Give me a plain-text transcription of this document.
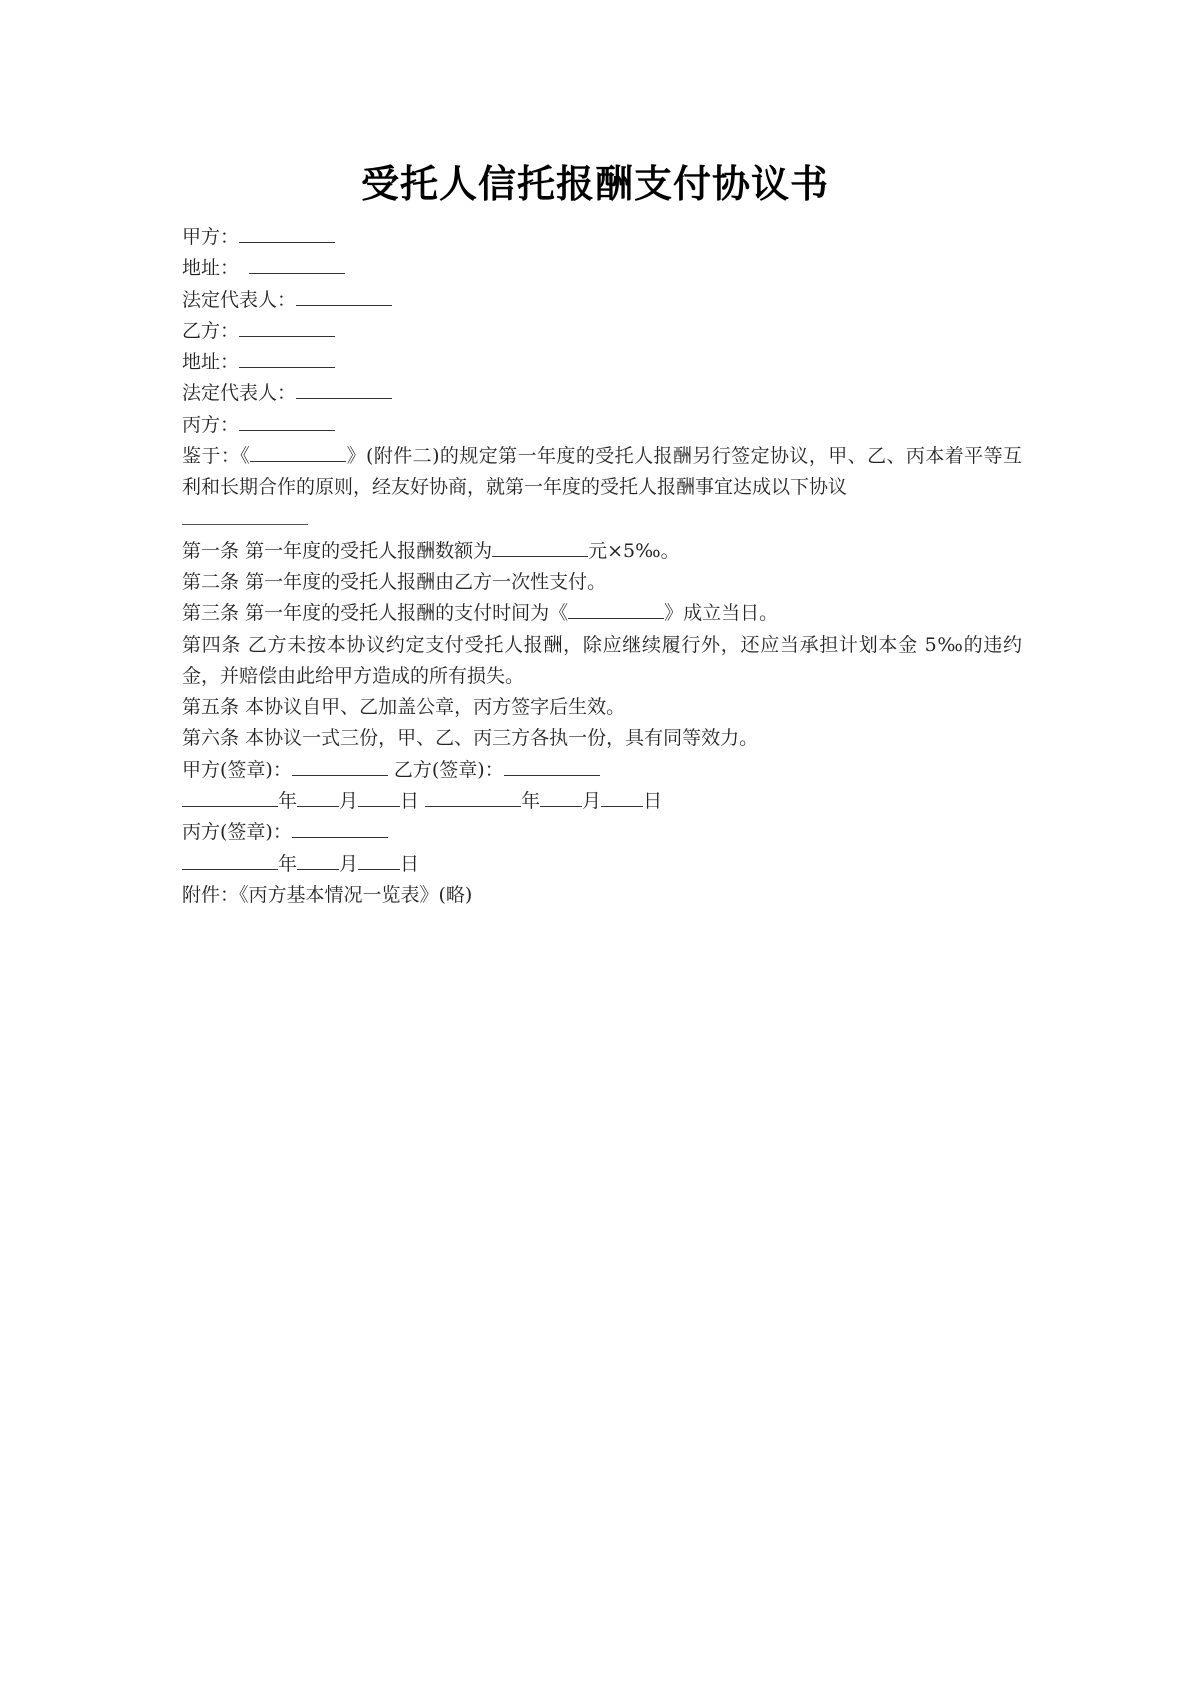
受托人信托报酬支付协议书
甲方：
地址：
法定代表人：
乙方：
地址：
法定代表人：
丙方：
鉴于：《	》(附件二)的规定第一年度的受托人报酬另行签定协议，甲、乙、丙本着平等互利和长期合作的原则，经友好协商，就第一年度的受托人报酬事宜达成以下协议
第一条 第一年度的受托人报酬数额为	元×5‰。
第二条 第一年度的受托人报酬由乙方一次性支付。
第三条 第一年度的受托人报酬的支付时间为《	》成立当日。
第四条 乙方未按本协议约定支付受托人报酬，除应继续履行外，还应当承担计划本金 5‰的违约金，并赔偿由此给甲方造成的所有损失。
第五条 本协议自甲、乙加盖公章，丙方签字后生效。
第六条 本协议一式三份，甲、乙、丙三方各执一份，具有同等效力。
甲方(签章)：	乙方(签章)：
年 月 日	年 月 日
丙方(签章)：
年 月 日
附件：《丙方基本情况一览表》(略)
